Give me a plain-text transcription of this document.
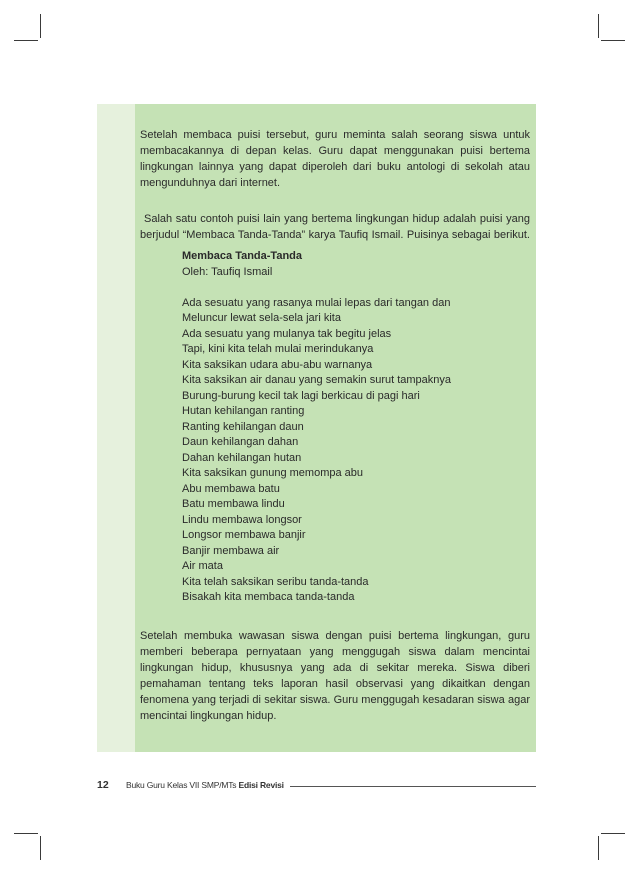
Setelah membaca puisi tersebut, guru meminta salah seorang siswa untuk
membacakannya di depan kelas. Guru dapat menggunakan puisi bertema
lingkungan lainnya yang dapat diperoleh dari buku antologi di sekolah atau
mengunduhnya dari internet.
Salah satu contoh puisi lain yang bertema lingkungan hidup adalah puisi yang
berjudul “Membaca Tanda-Tanda” karya Taufiq Ismail. Puisinya sebagai berikut.
Membaca Tanda-Tanda
Oleh: Taufiq Ismail
Ada sesuatu yang rasanya mulai lepas dari tangan dan
Meluncur lewat sela-sela jari kita
Ada sesuatu yang mulanya tak begitu jelas
Tapi, kini kita telah mulai merindukanya
Kita saksikan udara abu-abu warnanya
Kita saksikan air danau yang semakin surut tampaknya
Burung-burung kecil tak lagi berkicau di pagi hari
Hutan kehilangan ranting
Ranting kehilangan daun
Daun kehilangan dahan
Dahan kehilangan hutan
Kita saksikan gunung memompa abu
Abu membawa batu
Batu membawa lindu
Lindu membawa longsor
Longsor membawa banjir
Banjir membawa air
Air mata
Kita telah saksikan seribu tanda-tanda
Bisakah kita membaca tanda-tanda
Setelah membuka wawasan siswa dengan puisi bertema lingkungan, guru
memberi beberapa pernyataan yang menggugah siswa dalam mencintai
lingkungan hidup, khususnya yang ada di sekitar mereka. Siswa diberi
pemahaman tentang teks laporan hasil observasi yang dikaitkan dengan
fenomena yang terjadi di sekitar siswa. Guru menggugah kesadaran siswa agar
mencintai lingkungan hidup.
12 Buku Guru Kelas VII SMP/MTs Edisi Revisi
